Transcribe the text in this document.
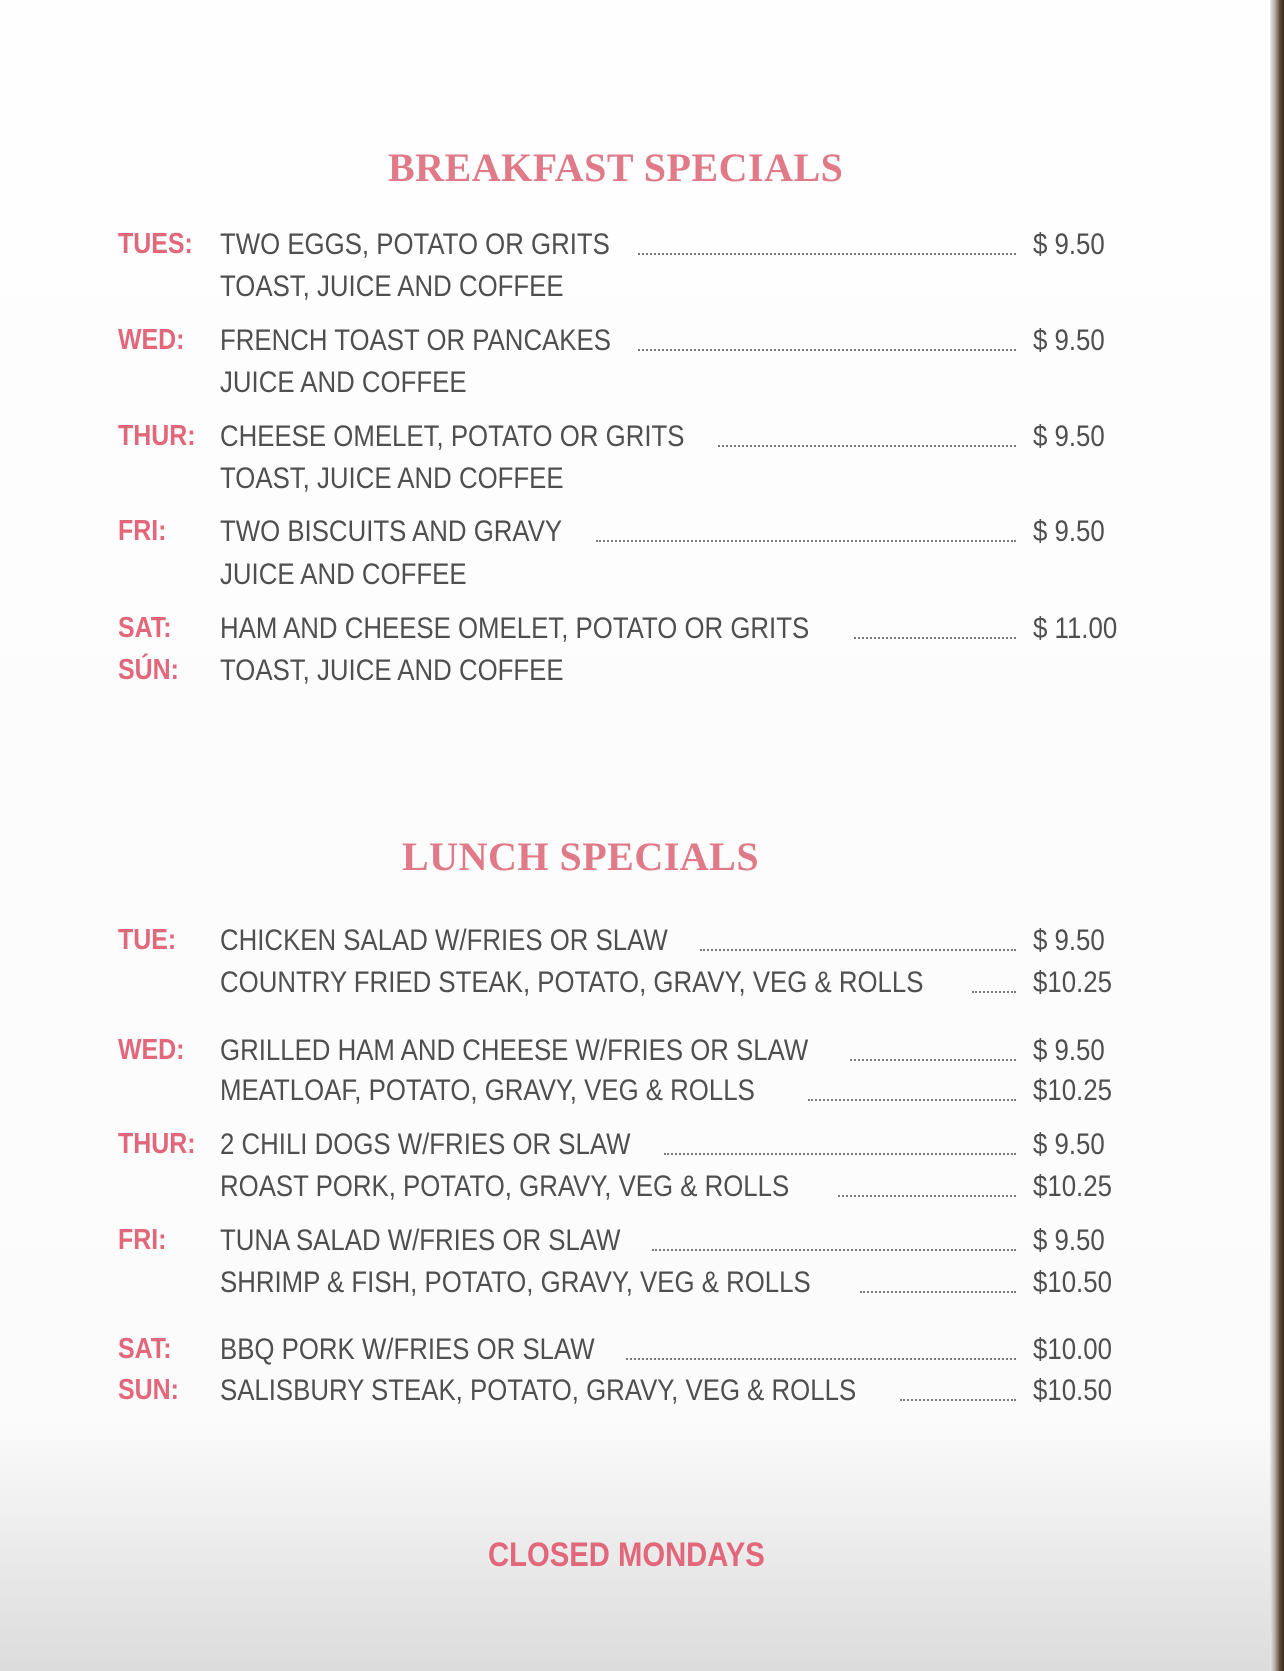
BREAKFAST SPECIALS
TUES: TWO EGGS, POTATO OR GRITS	$ 9.50
TOAST, JUICE AND COFFEE
WED: FRENCH TOAST OR PANCAKES	$ 9.50
JUICE AND COFFEE
THUR: CHEESE OMELET, POTATO OR GRITS	$ 9.50
TOAST, JUICE AND COFFEE
FRI: TWO BISCUITS AND GRAVY	$ 9.50
JUICE AND COFFEE
SAT: HAM AND CHEESE OMELET, POTATO OR GRITS	$ 11.00
SÚN: TOAST, JUICE AND COFFEE
LUNCH SPECIALS
TUE: CHICKEN SALAD W/FRIES OR SLAW	$ 9.50
COUNTRY FRIED STEAK, POTATO, GRAVY, VEG & ROLLS	$10.25
WED: GRILLED HAM AND CHEESE W/FRIES OR SLAW	$ 9.50
MEATLOAF, POTATO, GRAVY, VEG & ROLLS	$10.25
THUR: 2 CHILI DOGS W/FRIES OR SLAW	$ 9.50
ROAST PORK, POTATO, GRAVY, VEG & ROLLS	$10.25
FRI: TUNA SALAD W/FRIES OR SLAW	$ 9.50
SHRIMP & FISH, POTATO, GRAVY, VEG & ROLLS	$10.50
SAT: BBQ PORK W/FRIES OR SLAW	$10.00
SUN: SALISBURY STEAK, POTATO, GRAVY, VEG & ROLLS	$10.50
CLOSED MONDAYS
